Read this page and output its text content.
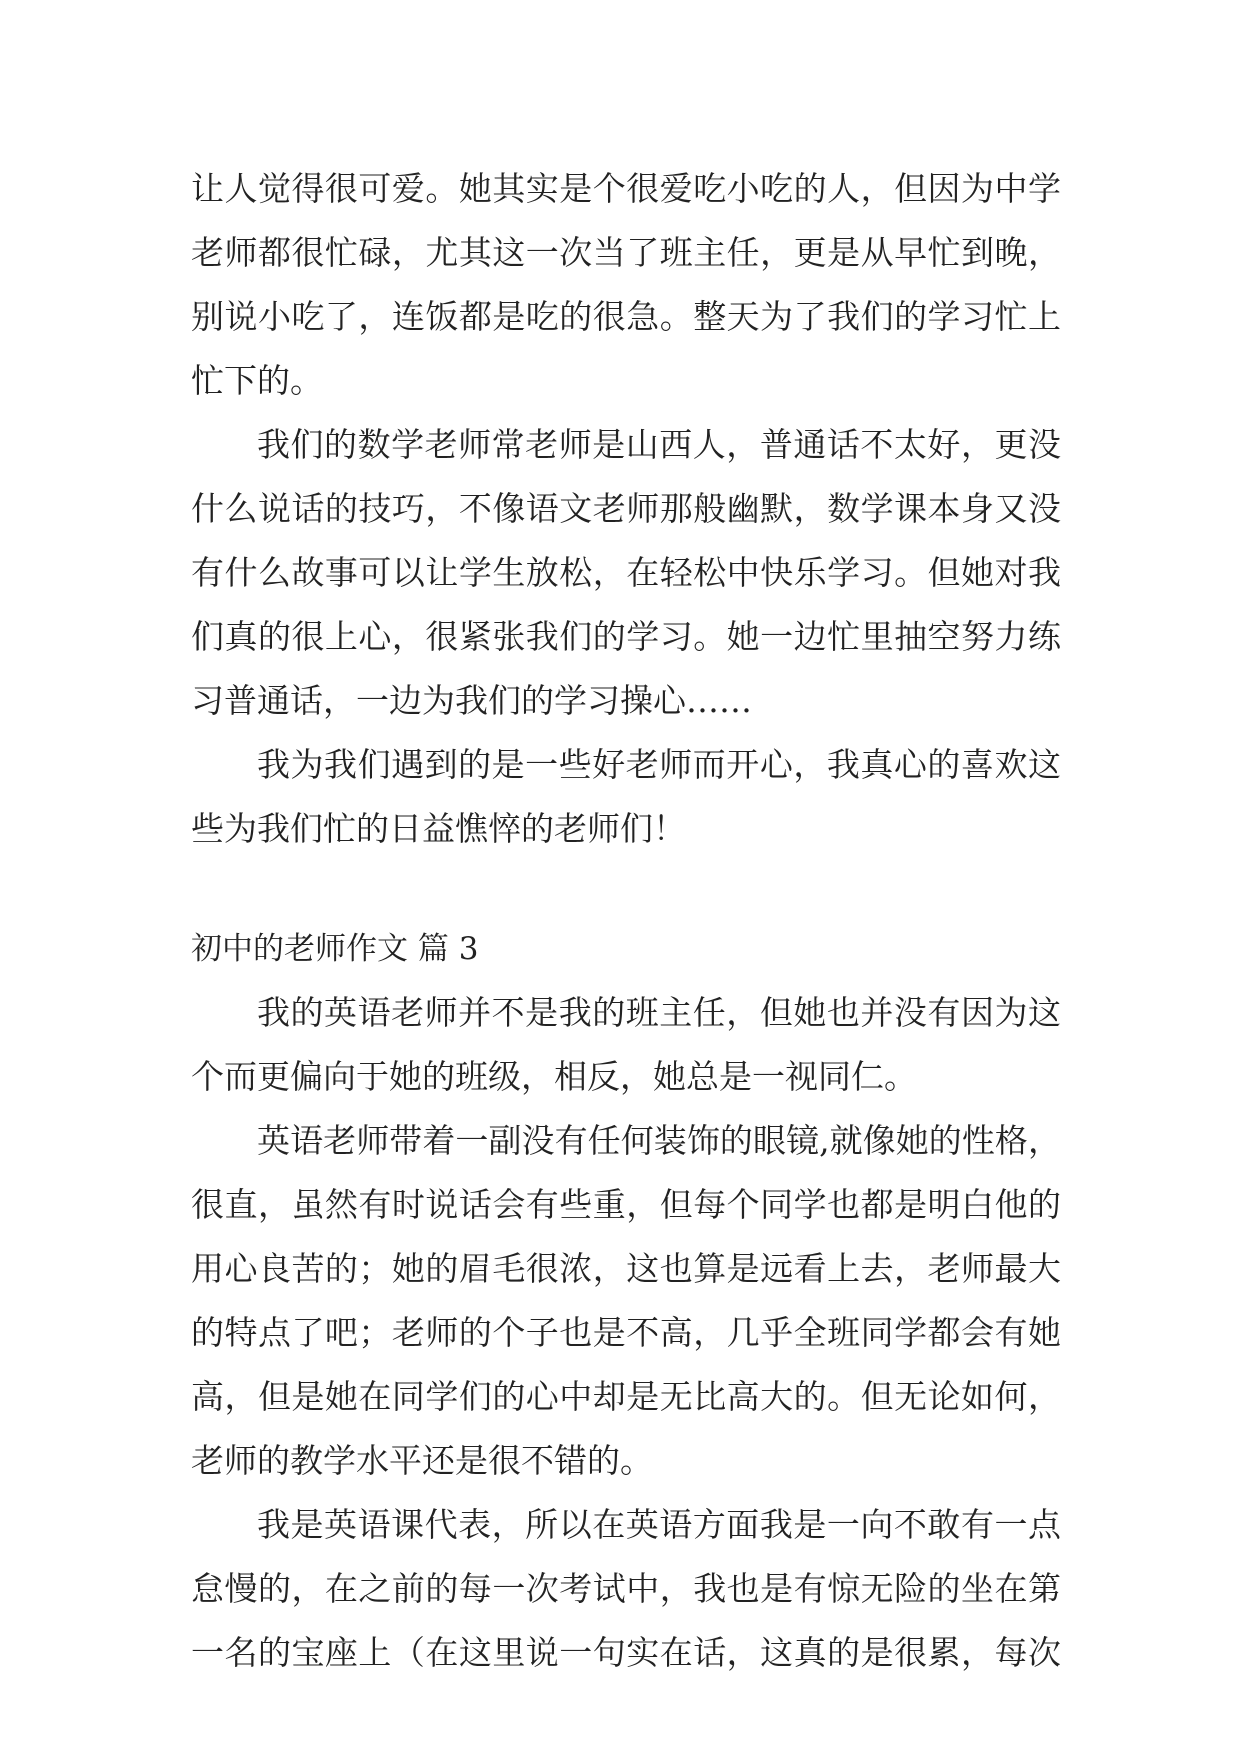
让人觉得很可爱。她其实是个很爱吃小吃的人，但因为中学
老师都很忙碌，尤其这一次当了班主任，更是从早忙到晚，
别说小吃了，连饭都是吃的很急。整天为了我们的学习忙上
忙下的。
我们的数学老师常老师是山西人，普通话不太好，更没
什么说话的技巧，不像语文老师那般幽默，数学课本身又没
有什么故事可以让学生放松，在轻松中快乐学习。但她对我
们真的很上心，很紧张我们的学习。她一边忙里抽空努力练
习普通话，一边为我们的学习操心……
我为我们遇到的是一些好老师而开心，我真心的喜欢这
些为我们忙的日益憔悴的老师们！
初中的老师作文 篇 3
我的英语老师并不是我的班主任，但她也并没有因为这
个而更偏向于她的班级，相反，她总是一视同仁。
英语老师带着一副没有任何装饰的眼镜,就像她的性格，
很直，虽然有时说话会有些重，但每个同学也都是明白他的
用心良苦的；她的眉毛很浓，这也算是远看上去，老师最大
的特点了吧；老师的个子也是不高，几乎全班同学都会有她
高，但是她在同学们的心中却是无比高大的。但无论如何，
老师的教学水平还是很不错的。
我是英语课代表，所以在英语方面我是一向不敢有一点
怠慢的，在之前的每一次考试中，我也是有惊无险的坐在第
一名的宝座上（在这里说一句实在话，这真的是很累，每次
